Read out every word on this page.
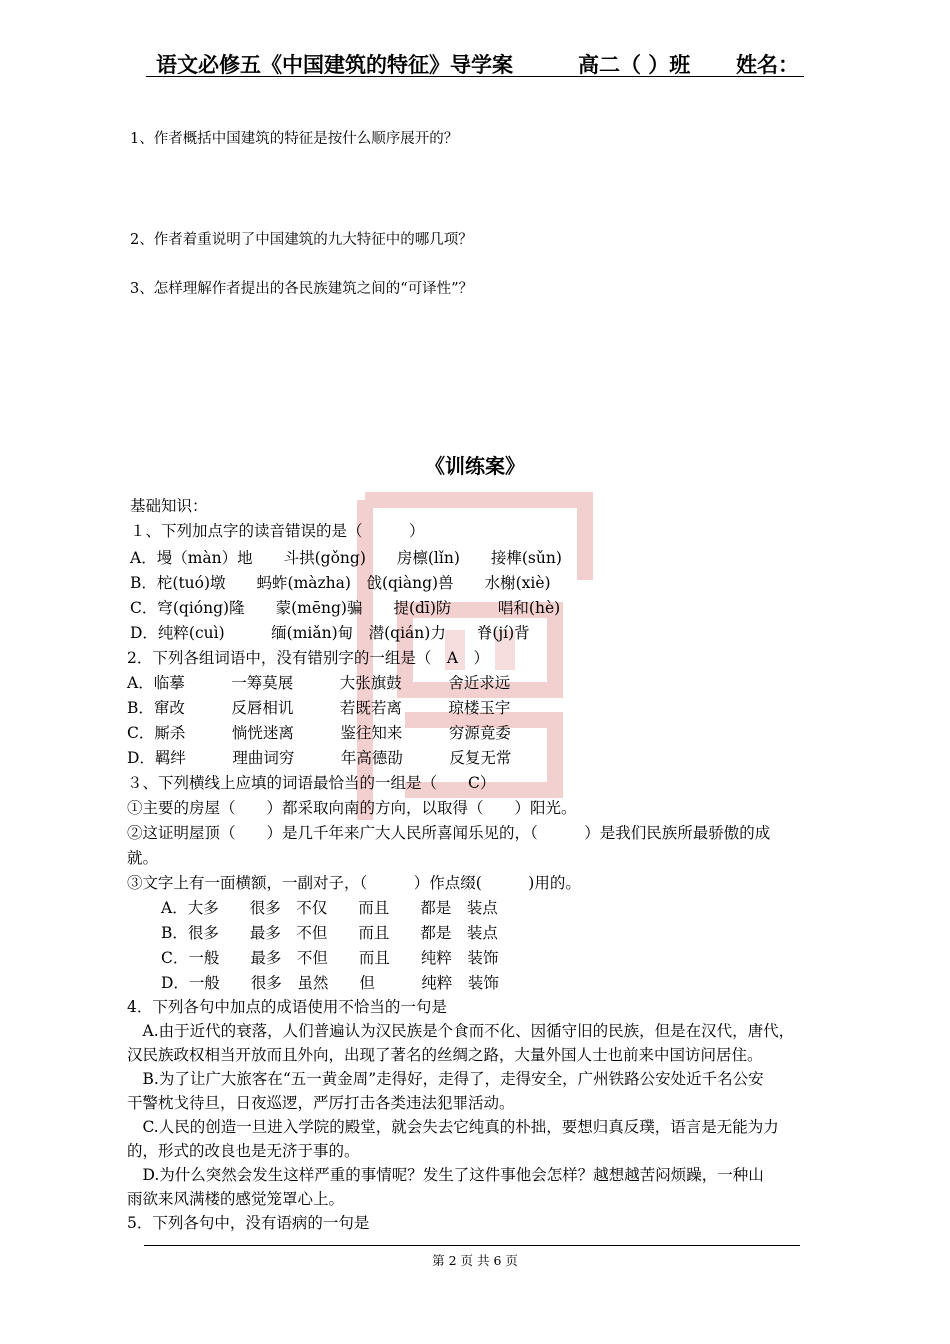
语文必修五《中国建筑的特征》导学案	高二（ ）班 姓名：
1、作者概括中国建筑的特征是按什么顺序展开的？
2、作者着重说明了中国建筑的九大特征中的哪几项？
3、怎样理解作者提出的各民族建筑之间的“可译性”？
《训练案》
基础知识：
１、下列加点字的读音错误的是（　　　）
A．墁（màn）地　　斗拱(gǒng)　　房檩(lǐn)　　接榫(sǔn)
B．柁(tuó)墩　　蚂蚱(màzha)　戗(qiàng)兽　　水榭(xiè)
C．穹(qióng)隆　　蒙(mēng)骗　　提(dī)防　　　唱和(hè)
D．纯粹(cuì)　　　缅(miǎn)甸　潜(qián)力　　脊(jí)背
2．下列各组词语中，没有错别字的一组是（　A　）
A．临摹　　　一筹莫展　　　大张旗鼓　　　舍近求远
B．窜改　　　反唇相讥　　　若既若离　　　琼楼玉宇
C．厮杀　　　惝恍迷离　　　鉴往知来　　　穷源竟委
D．羁绊　　　理曲词穷　　　年高德劭　　　反复无常
３、下列横线上应填的词语最恰当的一组是（　　C）
①主要的房屋（　　）都采取向南的方向，以取得（　　）阳光。
②这证明屋顶（　　）是几千年来广大人民所喜闻乐见的，（　　　）是我们民族所最骄傲的成
就。
③文字上有一面横额，一副对子，（　　　）作点缀(　　　)用的。
　　A．大多　　很多　不仅　　而且　　都是　装点
　　B．很多　　最多　不但　　而且　　都是　装点
　　C．一般　　最多　不但　　而且　　纯粹　装饰
　　D．一般　　很多　虽然　　但　　　纯粹　装饰
4．下列各句中加点的成语使用不恰当的一句是
　A.由于近代的衰落，人们普遍认为汉民族是个食而不化、因循守旧的民族，但是在汉代，唐代，
汉民族政权相当开放而且外向，出现了著名的丝绸之路，大量外国人士也前来中国访问居住。
　B.为了让广大旅客在“五一黄金周”走得好，走得了，走得安全，广州铁路公安处近千名公安
干警枕戈待旦，日夜巡逻，严厉打击各类违法犯罪活动。
　C.人民的创造一旦进入学院的殿堂，就会失去它纯真的朴拙，要想归真反璞，语言是无能为力
的，形式的改良也是无济于事的。
　D.为什么突然会发生这样严重的事情呢？发生了这件事他会怎样？越想越苦闷烦躁，一种山
雨欲来风满楼的感觉笼罩心上。
5．下列各句中，没有语病的一句是
第 2 页 共 6 页
